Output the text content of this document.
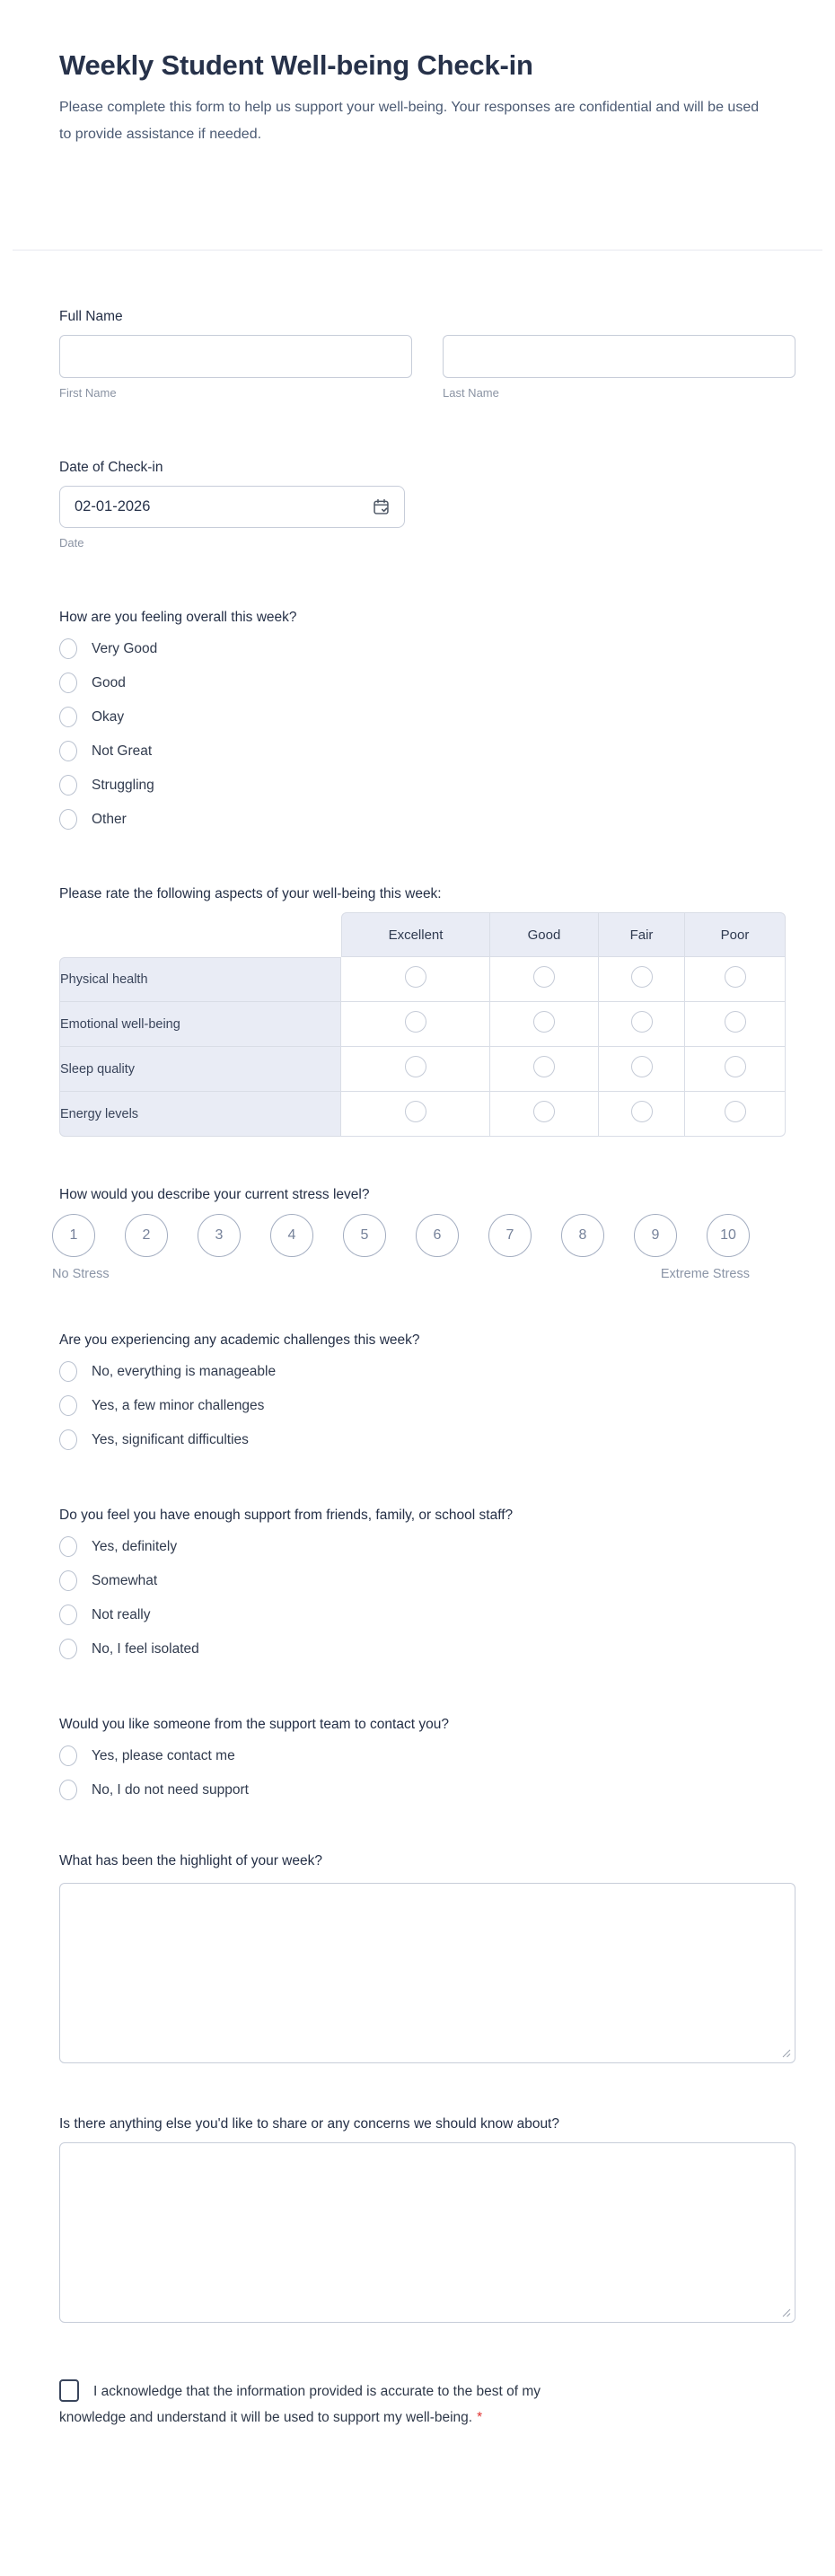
Weekly Student Well-being Check-in

Please complete this form to help us support your well-being. Your responses are confidential and will be used to provide assistance if needed.

Full Name
First Name	Last Name
Date of Check-in
02-01-2026
Date
How are you feeling overall this week?
Very Good
Good
Okay
Not Great
Struggling
Other
Please rate the following aspects of your well-being this week:
	Excellent	Good	Fair	Poor
Physical health				
Emotional well-being				
Sleep quality				
Energy levels				
How would you describe your current stress level?
1	2	3	4	5	6	7	8	9	10
No Stress	Extreme Stress
Are you experiencing any academic challenges this week?
No, everything is manageable
Yes, a few minor challenges
Yes, significant difficulties
Do you feel you have enough support from friends, family, or school staff?
Yes, definitely
Somewhat
Not really
No, I feel isolated
Would you like someone from the support team to contact you?
Yes, please contact me
No, I do not need support
What has been the highlight of your week?
Is there anything else you'd like to share or any concerns we should know about?

I acknowledge that the information provided is accurate to the best of my knowledge and understand it will be used to support my well-being. *
